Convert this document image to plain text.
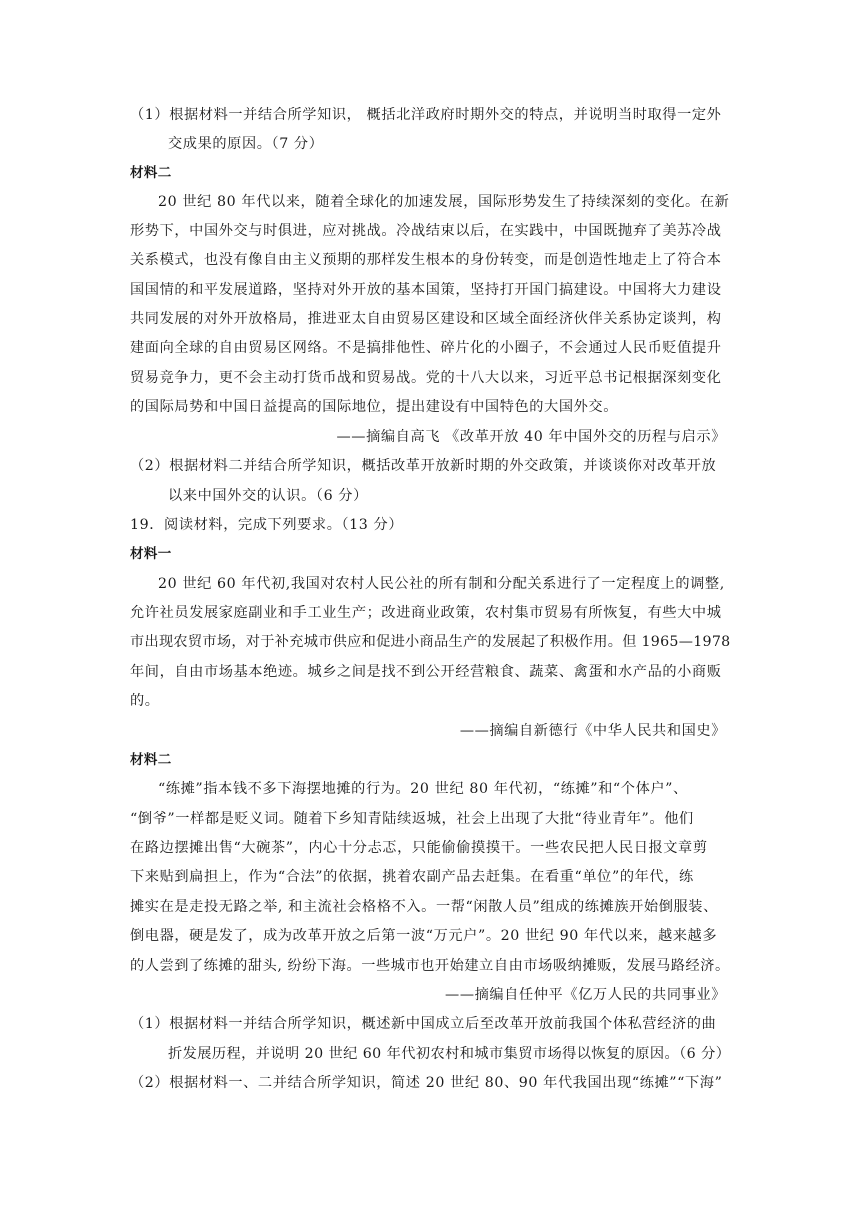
（1）根据材料一并结合所学知识， 概括北洋政府时期外交的特点，并说明当时取得一定外
交成果的原因。（7 分）
材料二
20 世纪 80 年代以来，随着全球化的加速发展，国际形势发生了持续深刻的变化。在新
形势下，中国外交与时俱进，应对挑战。冷战结束以后，在实践中，中国既抛弃了美苏冷战
关系模式，也没有像自由主义预期的那样发生根本的身份转变，而是创造性地走上了符合本
国国情的和平发展道路，坚持对外开放的基本国策，坚持打开国门搞建设。中国将大力建设
共同发展的对外开放格局，推进亚太自由贸易区建设和区域全面经济伙伴关系协定谈判，构
建面向全球的自由贸易区网络。不是搞排他性、碎片化的小圈子，不会通过人民币贬值提升
贸易竞争力，更不会主动打货币战和贸易战。党的十八大以来，习近平总书记根据深刻变化
的国际局势和中国日益提高的国际地位，提出建设有中国特色的大国外交。
——摘编自高飞 《改革开放 40 年中国外交的历程与启示》
（2）根据材料二并结合所学知识，概括改革开放新时期的外交政策，并谈谈你对改革开放
以来中国外交的认识。（6 分）
19．阅读材料，完成下列要求。（13 分）
材料一
20 世纪 60 年代初,我国对农村人民公社的所有制和分配关系进行了一定程度上的调整,
允许社员发展家庭副业和手工业生产；改进商业政策，农村集市贸易有所恢复，有些大中城
市出现农贸市场，对于补充城市供应和促进小商品生产的发展起了积极作用。但 1965—1978
年间，自由市场基本绝迹。城乡之间是找不到公开经营粮食、蔬菜、禽蛋和水产品的小商贩
的。
——摘编自新德行《中华人民共和国史》
材料二
“练摊”指本钱不多下海摆地摊的行为。20 世纪 80 年代初，“练摊”和“个体户”、
“倒爷”一样都是贬义词。随着下乡知青陆续返城，社会上出现了大批“待业青年”。他们
在路边摆摊出售“大碗茶”，内心十分忐忑，只能偷偷摸摸干。一些农民把人民日报文章剪
下来贴到扁担上，作为“合法”的依据，挑着农副产品去赶集。在看重“单位”的年代，练
摊实在是走投无路之举, 和主流社会格格不入。一帮“闲散人员”组成的练摊族开始倒服装、
倒电器，硬是发了，成为改革开放之后第一波“万元户”。20 世纪 90 年代以来，越来越多
的人尝到了练摊的甜头, 纷纷下海。一些城市也开始建立自由市场吸纳摊贩，发展马路经济。
——摘编自任仲平《亿万人民的共同事业》
（1）根据材料一并结合所学知识，概述新中国成立后至改革开放前我国个体私营经济的曲
折发展历程，并说明 20 世纪 60 年代初农村和城市集贸市场得以恢复的原因。（6 分）
（2）根据材料一、二并结合所学知识，简述 20 世纪 80、90 年代我国出现“练摊”“下海”
